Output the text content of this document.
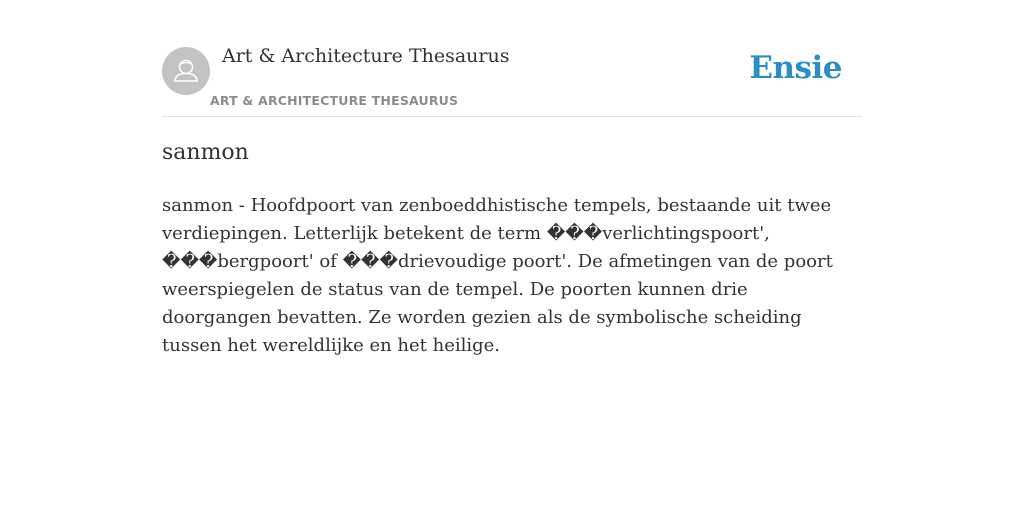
Art & Architecture Thesaurus
ART & ARCHITECTURE THESAURUS
Ensie
sanmon

sanmon - Hoofdpoort van zenboeddhistische tempels, bestaande uit twee verdiepingen. Letterlijk betekent de term ���verlichtingspoort', ���bergpoort' of ���drievoudige poort'. De afmetingen van de poort weerspiegelen de status van de tempel. De poorten kunnen drie doorgangen bevatten. Ze worden gezien als de symbolische scheiding tussen het wereldlijke en het heilige.
